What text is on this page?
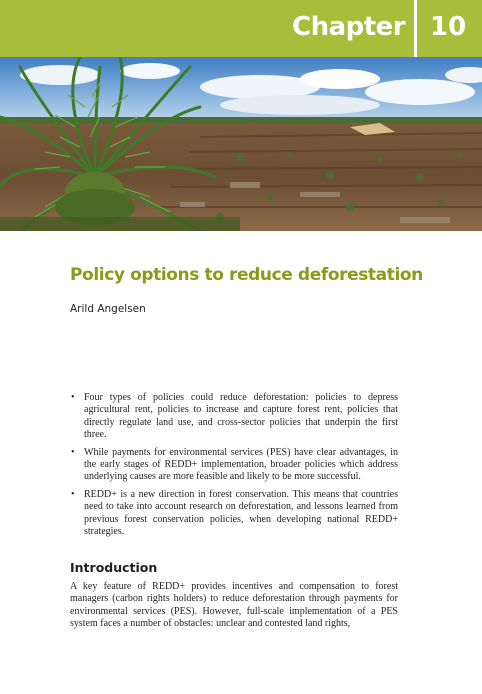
Chapter 10
Policy options to reduce deforestation
Arild Angelsen
• Four types of policies could reduce deforestation: policies to depress agricultural rent, policies to increase and capture forest rent, policies that directly regulate land use, and cross-sector policies that underpin the first three.
• While payments for environmental services (PES) have clear advantages, in the early stages of REDD+ implementation, broader policies which address underlying causes are more feasible and likely to be more successful.
• REDD+ is a new direction in forest conservation. This means that countries need to take into account research on deforestation, and lessons learned from previous forest conservation policies, when developing national REDD+ strategies.
Introduction

A key feature of REDD+ provides incentives and compensation to forest managers (carbon rights holders) to reduce deforestation through payments for environmental services (PES). However, full-scale implementation of a PES system faces a number of obstacles: unclear and contested land rights,
